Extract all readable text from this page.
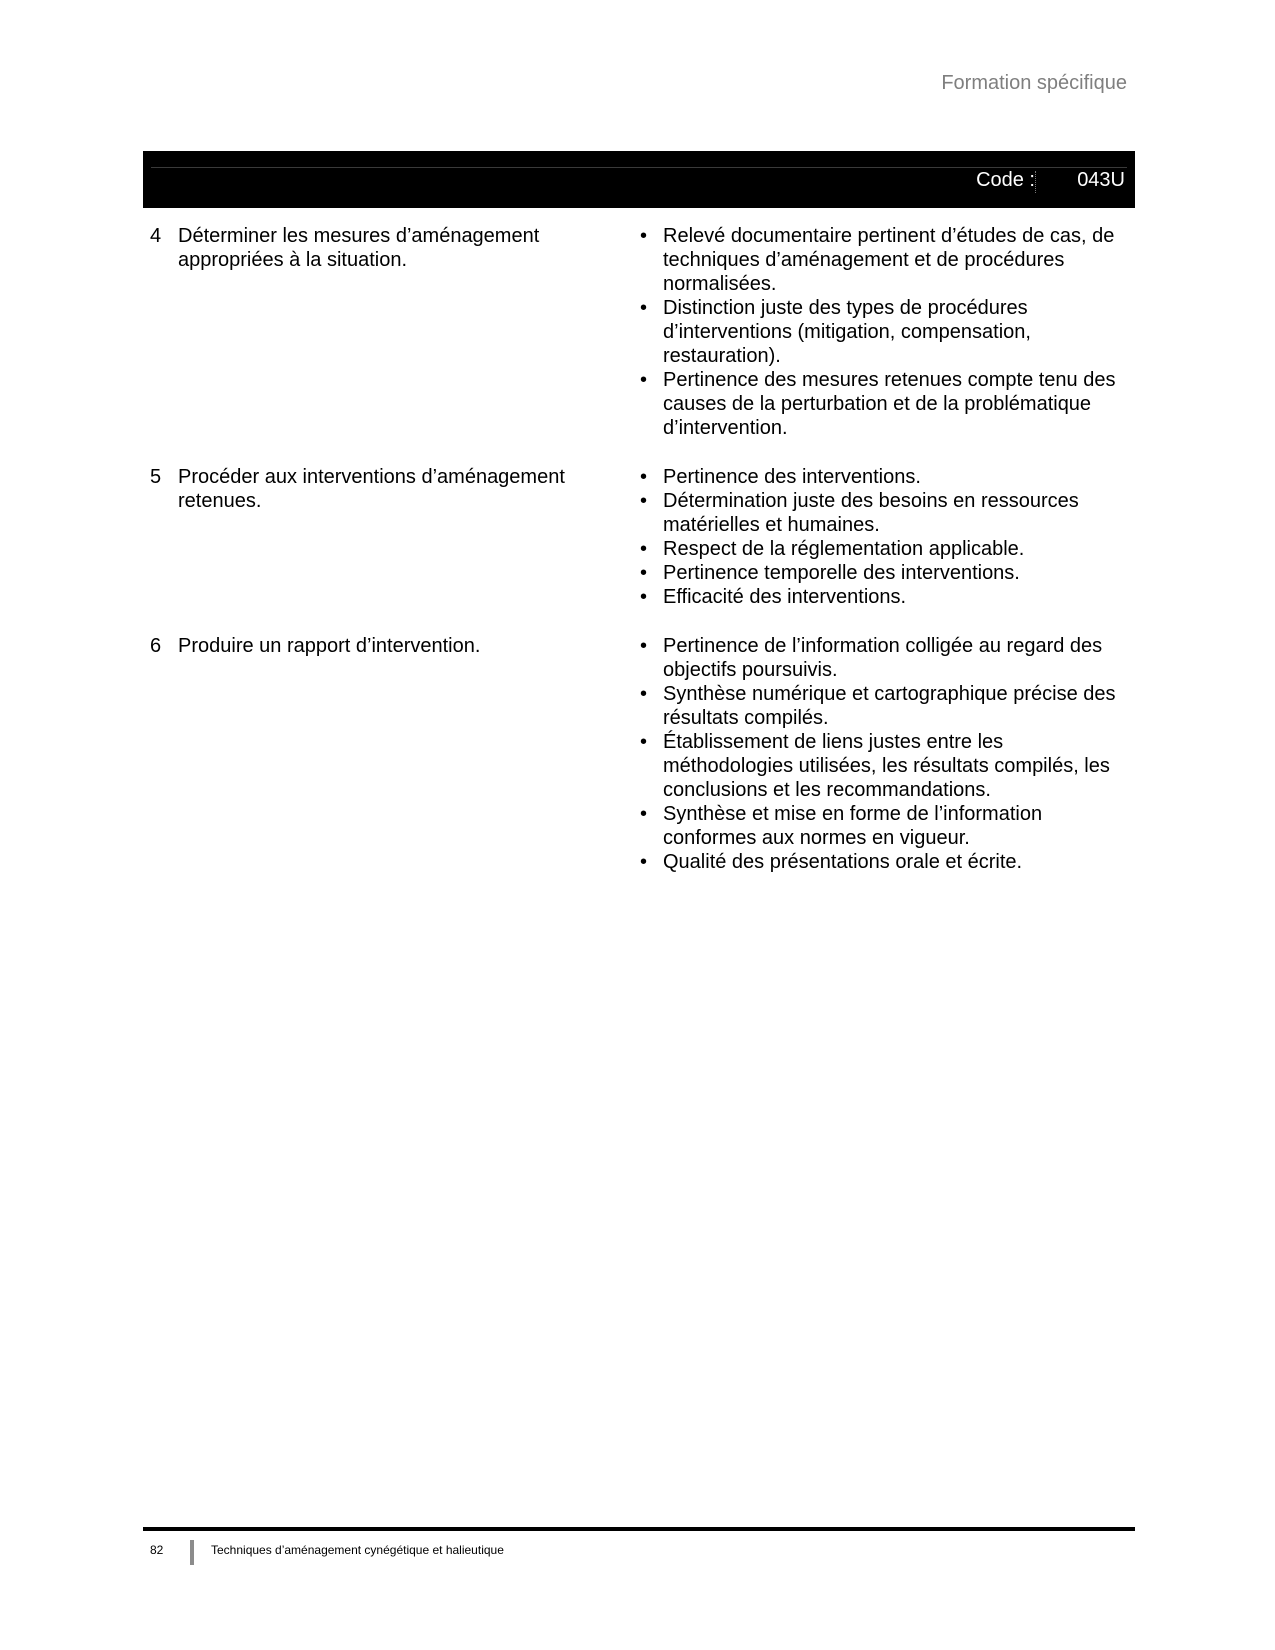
Formation spécifique
Code : 043U
4 Déterminer les mesures d’aménagement appropriées à la situation.
• Relevé documentaire pertinent d’études de cas, de techniques d’aménagement et de procédures normalisées.
• Distinction juste des types de procédures d’interventions (mitigation, compensation, restauration).
• Pertinence des mesures retenues compte tenu des causes de la perturbation et de la problématique d’intervention.
5 Procéder aux interventions d’aménagement retenues.
• Pertinence des interventions.
• Détermination juste des besoins en ressources matérielles et humaines.
• Respect de la réglementation applicable.
• Pertinence temporelle des interventions.
• Efficacité des interventions.
6 Produire un rapport d’intervention.
•	Pertinence de l’information colligée au regard des objectifs poursuivis.
• Synthèse numérique et cartographique précise des résultats compilés.
• Établissement de liens justes entre les méthodologies utilisées, les résultats compilés, les conclusions et les recommandations.
• Synthèse et mise en forme de l’information conformes aux normes en vigueur.
• Qualité des présentations orale et écrite.
82	Techniques d’aménagement cynégétique et halieutique
